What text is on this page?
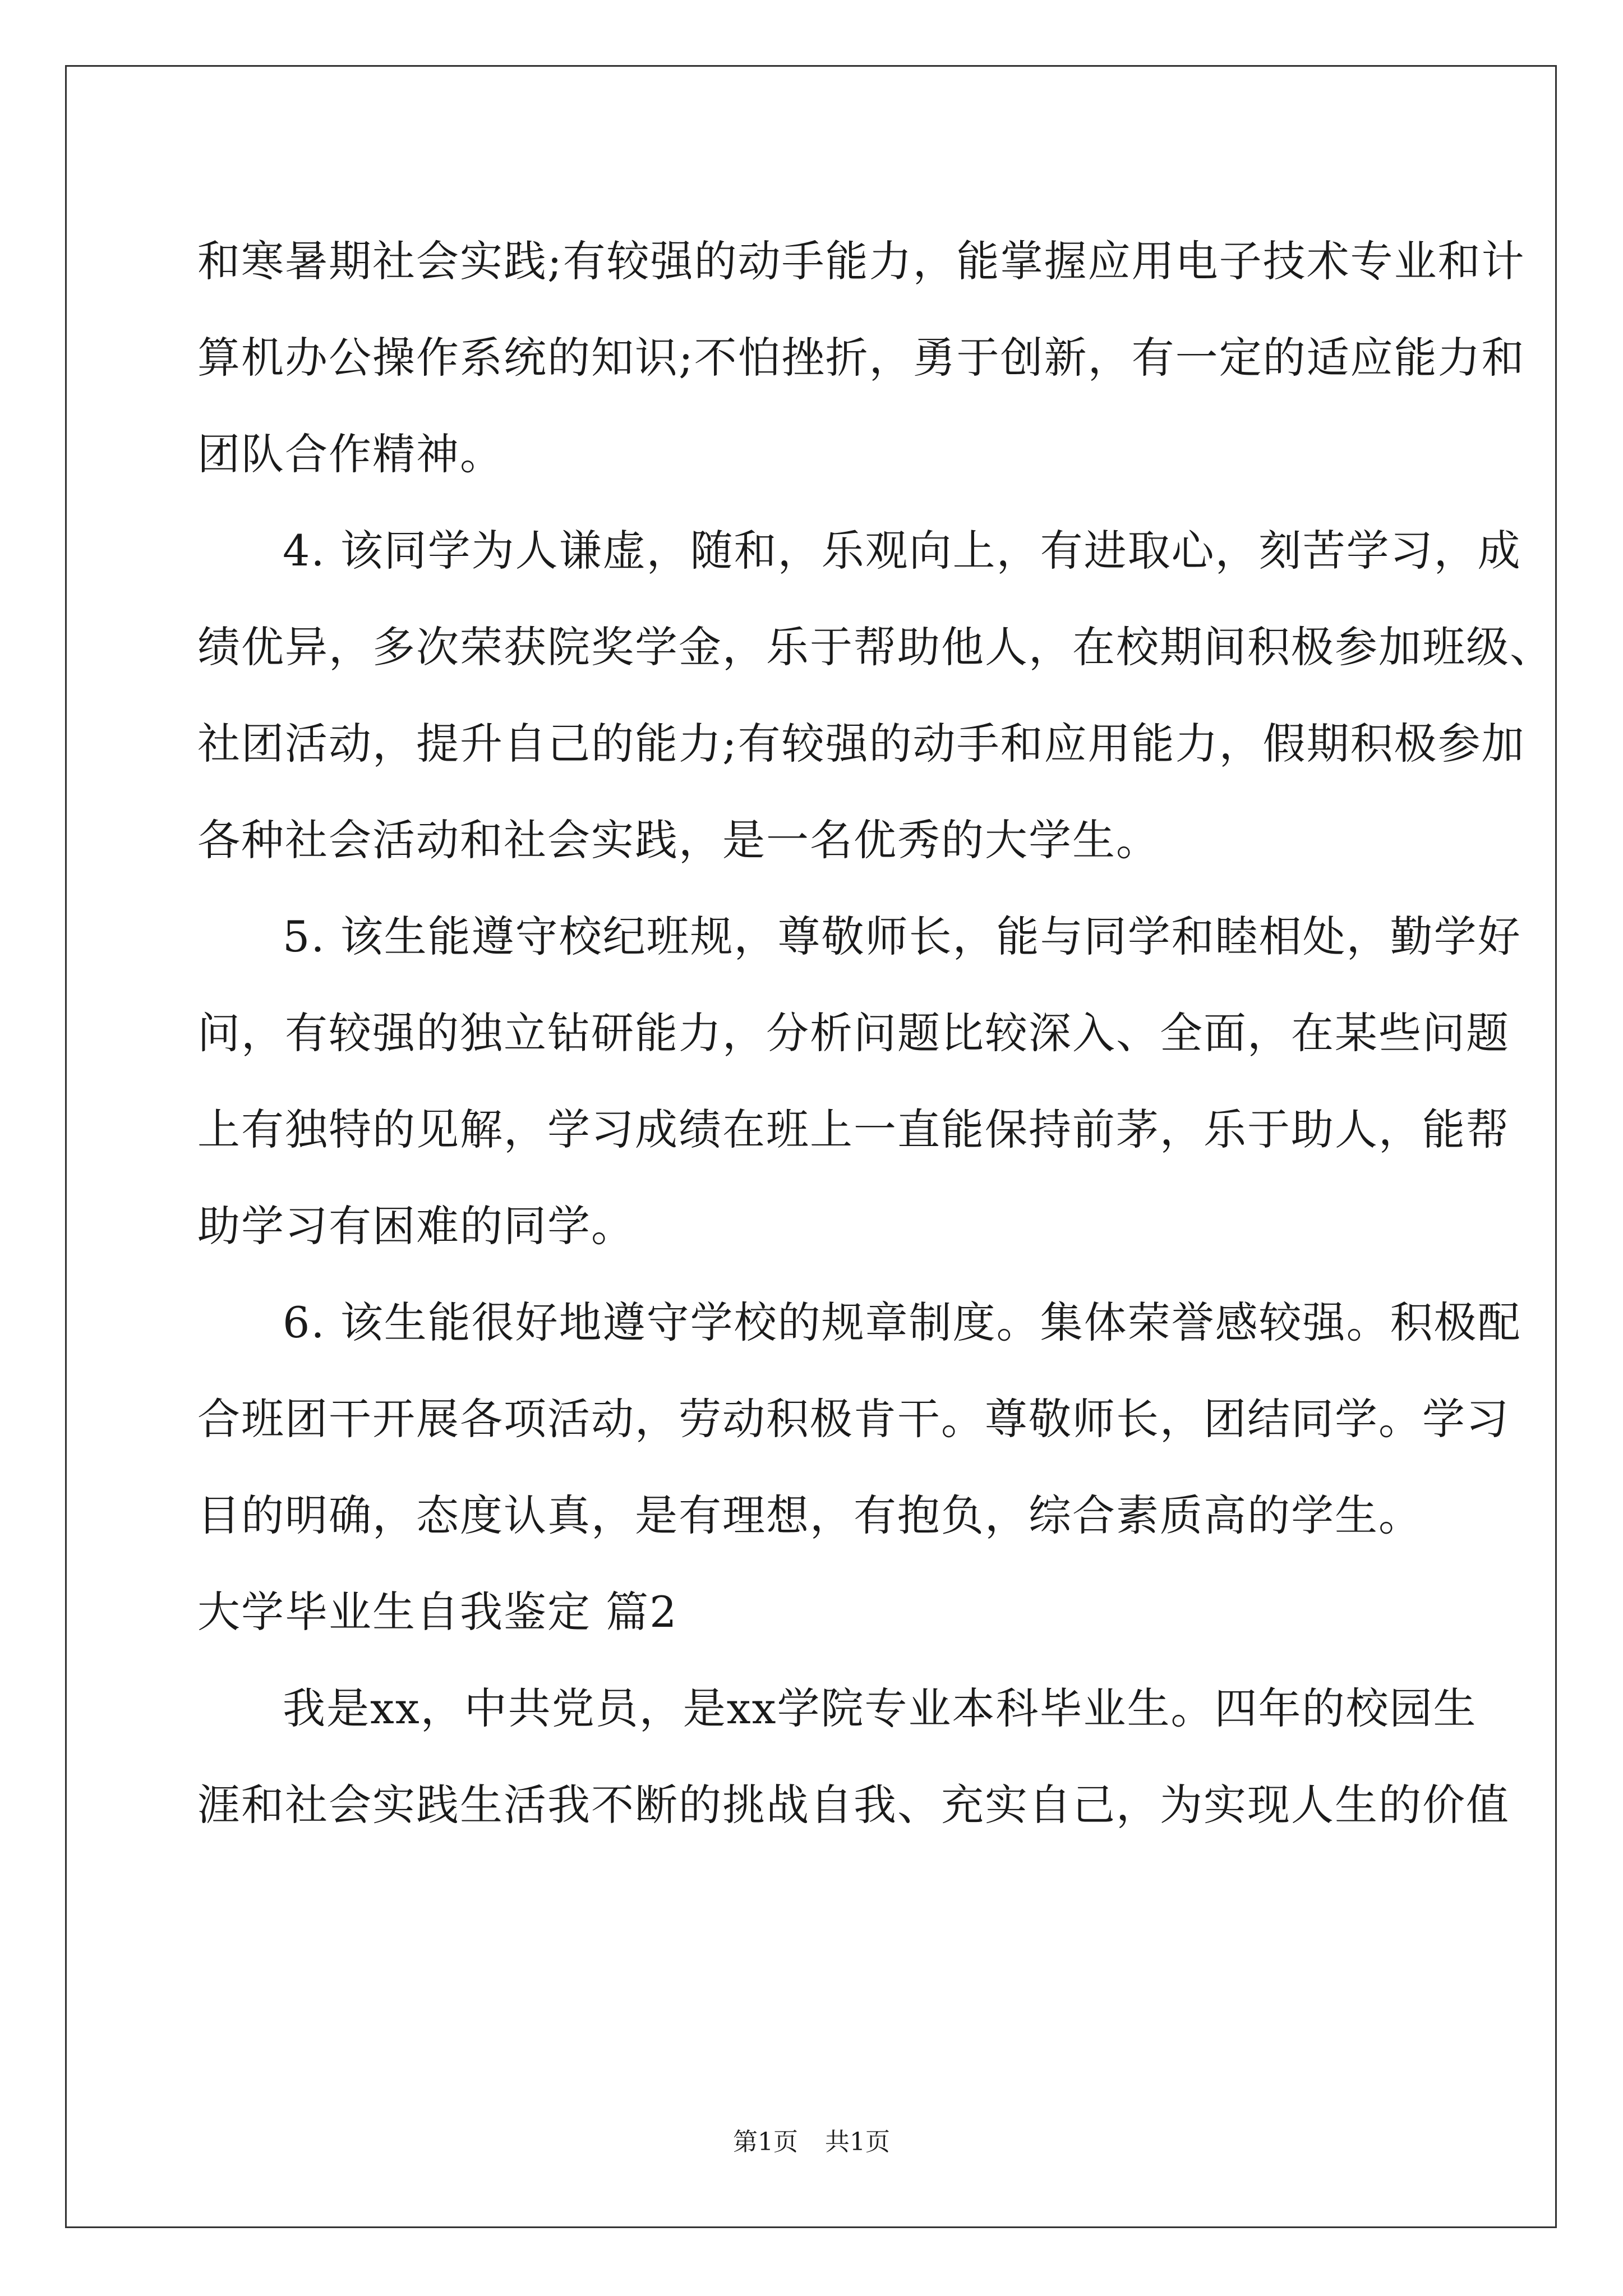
和寒暑期社会实践;有较强的动手能力，能掌握应用电子技术专业和计
算机办公操作系统的知识;不怕挫折，勇于创新，有一定的适应能力和
团队合作精神。
4. 该同学为人谦虚，随和，乐观向上，有进取心，刻苦学习，成
绩优异，多次荣获院奖学金，乐于帮助他人，在校期间积极参加班级、
社团活动，提升自己的能力;有较强的动手和应用能力，假期积极参加
各种社会活动和社会实践，是一名优秀的大学生。
5. 该生能遵守校纪班规，尊敬师长，能与同学和睦相处，勤学好
问，有较强的独立钻研能力，分析问题比较深入、全面，在某些问题
上有独特的见解，学习成绩在班上一直能保持前茅，乐于助人，能帮
助学习有困难的同学。
6. 该生能很好地遵守学校的规章制度。集体荣誉感较强。积极配
合班团干开展各项活动，劳动积极肯干。尊敬师长，团结同学。学习
目的明确，态度认真，是有理想，有抱负，综合素质高的学生。
大学毕业生自我鉴定 篇2
我是xx，中共党员，是xx学院专业本科毕业生。四年的校园生
涯和社会实践生活我不断的挑战自我、充实自己，为实现人生的价值
第1页 共1页
